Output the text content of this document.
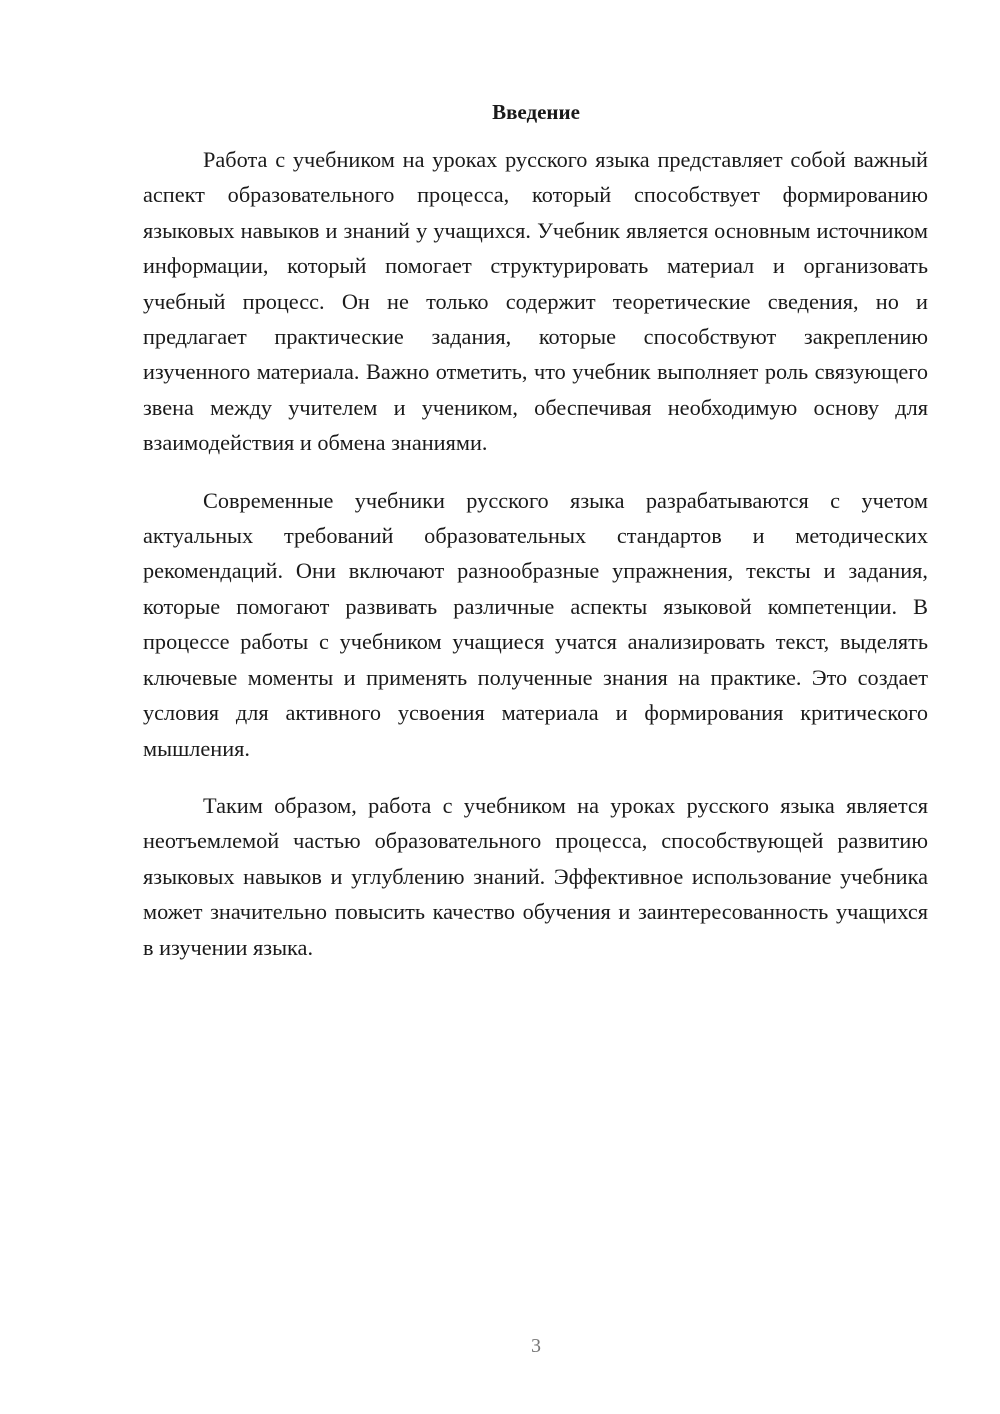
Введение

Работа с учебником на уроках русского языка представляет собой важный аспект образовательного процесса, который способствует формированию языковых навыков и знаний у учащихся. Учебник является основным источником информации, который помогает структурировать материал и организовать учебный процесс. Он не только содержит теоретические сведения, но и предлагает практические задания, которые способствуют закреплению изученного материала. Важно отметить, что учебник выполняет роль связующего звена между учителем и учеником, обеспечивая необходимую основу для взаимодействия и обмена знаниями.

Современные учебники русского языка разрабатываются с учетом актуальных требований образовательных стандартов и методических рекомендаций. Они включают разнообразные упражнения, тексты и задания, которые помогают развивать различные аспекты языковой компетенции. В процессе работы с учебником учащиеся учатся анализировать текст, выделять ключевые моменты и применять полученные знания на практике. Это создает условия для активного усвоения материала и формирования критического мышления.

Таким образом, работа с учебником на уроках русского языка является неотъемлемой частью образовательного процесса, способствующей развитию языковых навыков и углублению знаний. Эффективное использование учебника может значительно повысить качество обучения и заинтересованность учащихся в изучении языка.

3
